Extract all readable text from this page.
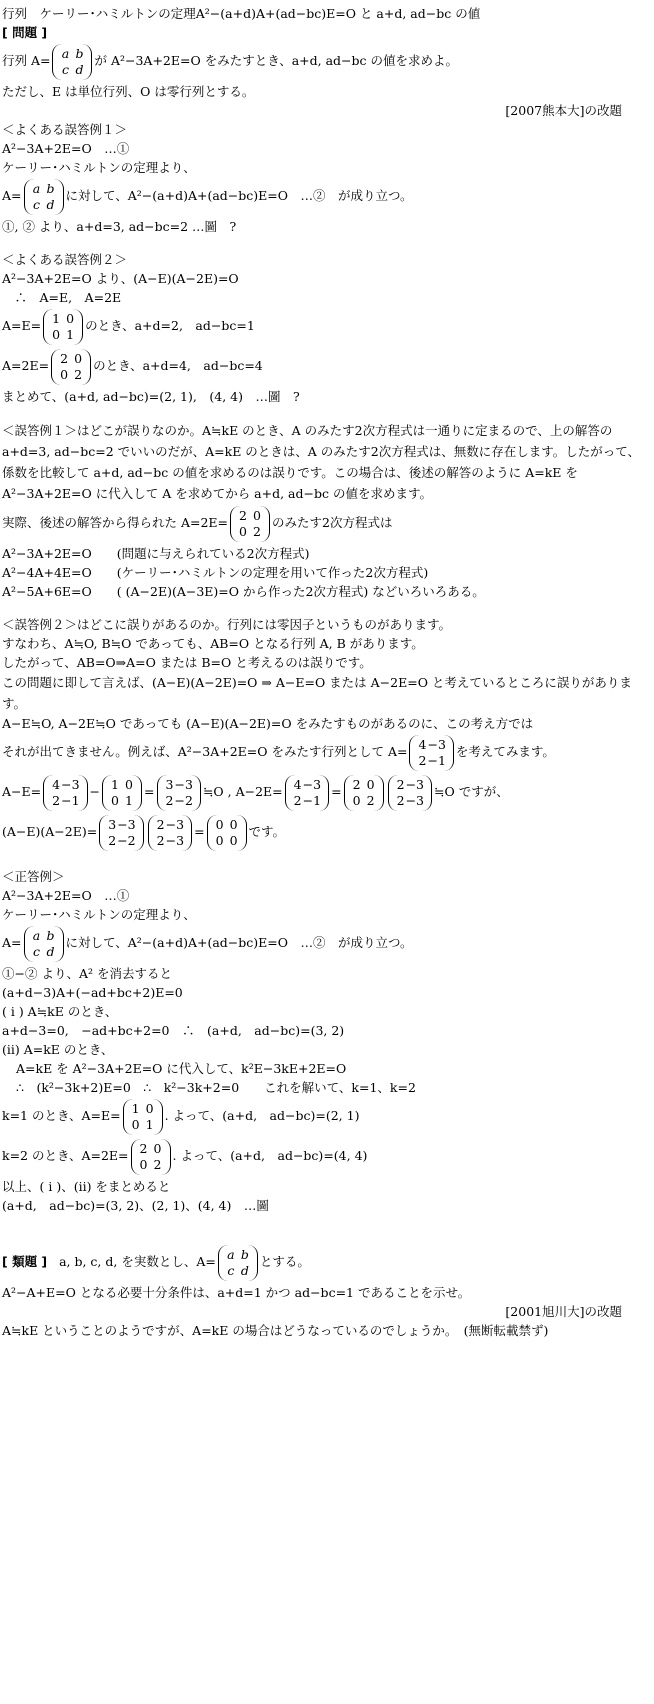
行列　ケーリー･ハミルトンの定理A²−(a+d)A+(ad−bc)E=O と a+d, ad−bc の値
[ 問題 ]
行列 A= a b
c d
が A²−3A+2E=O をみたすとき、a+d, ad−bc の値を求めよ。
ただし、E は単位行列、O は零行列とする。
[2007熊本大]の改題
＜よくある誤答例１＞
A²−3A+2E=O　…①
ケーリー･ハミルトンの定理より、
A= a b
c d
に対して、A²−(a+d)A+(ad−bc)E=O　…②　が成り立つ。
①, ② より、a+d=3, ad−bc=2 …圖　?
＜よくある誤答例２＞
A²−3A+2E=O より、(A−E)(A−2E)=O
　∴　A=E,　A=2E
A=E= 1 0
0 1
のとき、a+d=2,　ad−bc=1
A=2E= 2 0
0 2
のとき、a+d=4,　ad−bc=4
まとめて、(a+d, ad−bc)=(2, 1),　(4, 4)　…圖　?
＜誤答例１＞はどこが誤りなのか。A≒kE のとき、A のみたす2次方程式は一通りに定まるので、上の解答の a+d=3, ad−bc=2 でいいのだが、A=kE のときは、A のみたす2次方程式は、無数に存在します。したがって、係数を比較して a+d, ad−bc の値を求めるのは誤りです。この場合は、後述の解答のように A=kE を A²−3A+2E=O に代入して A を求めてから a+d, ad−bc の値を求めます。
実際、後述の解答から得られた A=2E= 2 0
0 2
のみたす2次方程式は
A²−3A+2E=O　　(問題に与えられている2次方程式)
A²−4A+4E=O　　(ケーリー･ハミルトンの定理を用いて作った2次方程式)
A²−5A+6E=O　　( (A−2E)(A−3E)=O から作った2次方程式) などいろいろある。
＜誤答例２＞はどこに誤りがあるのか。行列には零因子というものがあります。
すなわち、A≒O, B≒O であっても、AB=O となる行列 A, B があります。
したがって、AB=O⇒A=O または B=O と考えるのは誤りです。
この問題に即して言えば、(A−E)(A−2E)=O ⇒ A−E=O または A−2E=O と考えているところに誤りがあります。
A−E≒O, A−2E≒O であっても (A−E)(A−2E)=O をみたすものがあるのに、この考え方では
それが出てきません。例えば、A²−3A+2E=O をみたす行列として A= 4 −3
2 −1
を考えてみます。
A−E= 4 −3
2 −1
− 1 0
0 1
= 3 −3
2 −2
≒O , A−2E= 4 −3
2 −1
= 2 0
0 2
2 −3
2 −3
≒O ですが、
(A−E)(A−2E)= 3 −3
2 −2
2 −3
2 −3
= 0 0
0 0
です。
＜正答例＞
A²−3A+2E=O　…①
ケーリー･ハミルトンの定理より、
A= a b
c d
に対して、A²−(a+d)A+(ad−bc)E=O　…②　が成り立つ。
①−② より、A² を消去すると
(a+d−3)A+(−ad+bc+2)E=0
( i ) A≒kE のとき、
a+d−3=0,　−ad+bc+2=0　∴　(a+d,　ad−bc)=(3, 2)
(ii) A=kE のとき、
A=kE を A²−3A+2E=O に代入して、k²E−3kE+2E=O
∴　(k²−3k+2)E=0　∴　k²−3k+2=0　　これを解いて、k=1、k=2
k=1 のとき、A=E= 1 0
0 1
. よって、(a+d,　ad−bc)=(2, 1)
k=2 のとき、A=2E= 2 0
0 2
. よって、(a+d,　ad−bc)=(4, 4)
以上、( i )、(ii) をまとめると
(a+d,　ad−bc)=(3, 2)、(2, 1)、(4, 4)　…圖
[ 類題 ] a, b, c, d, を実数とし、A= a b
c d
とする。
A²−A+E=O となる必要十分条件は、a+d=1 かつ ad−bc=1 であることを示せ。
[2001旭川大]の改題
A≒kE ということのようですが、A=kE の場合はどうなっているのでしょうか。　(無断転載禁ず)
